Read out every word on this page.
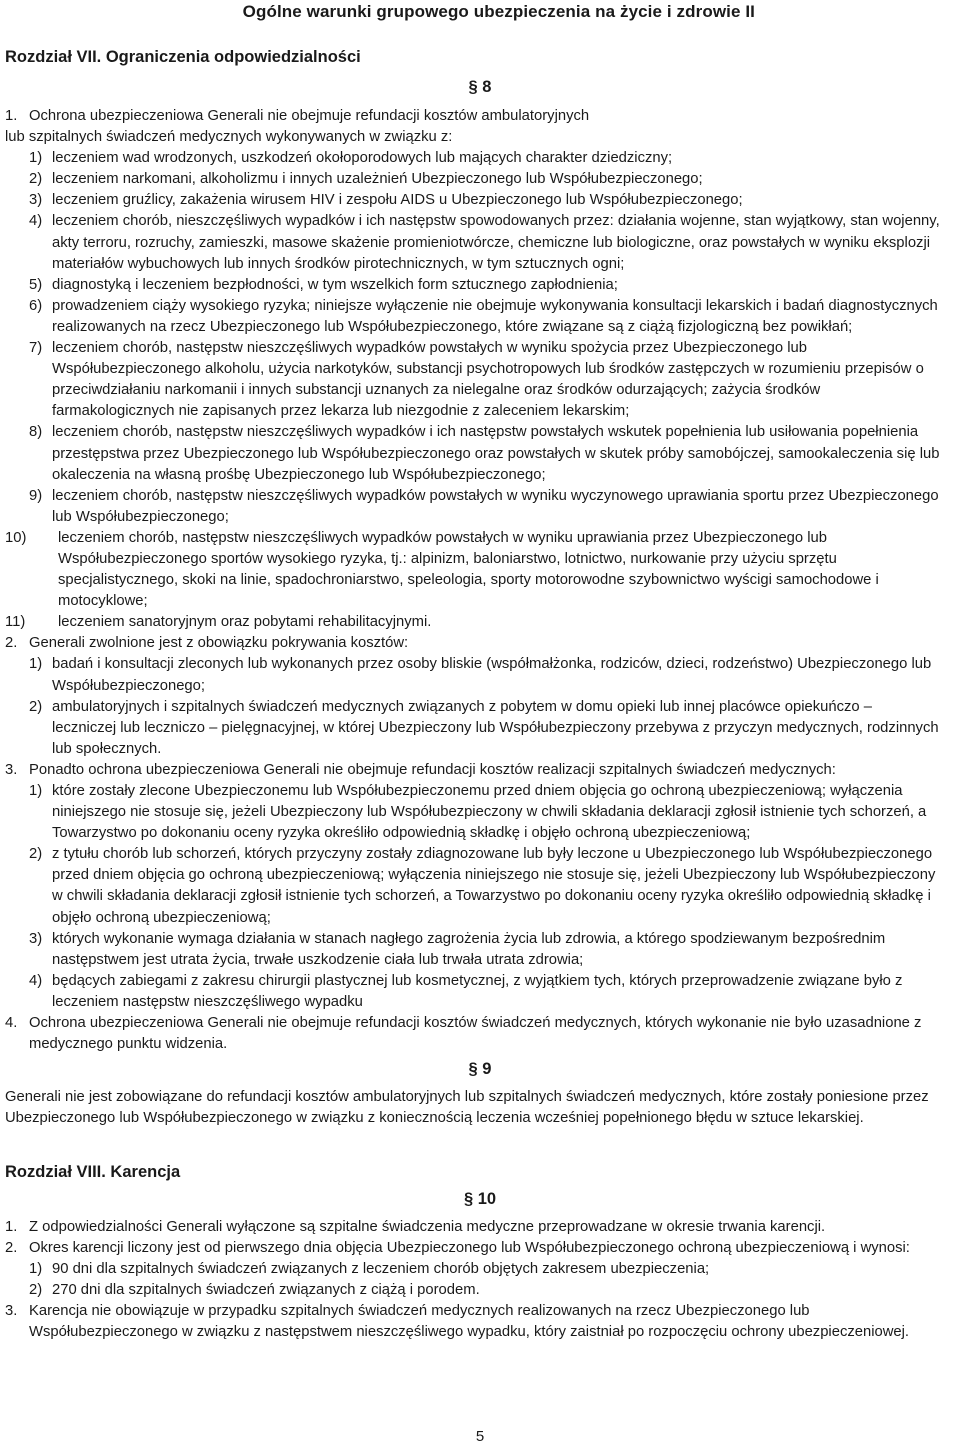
Ogólne warunki grupowego ubezpieczenia na życie i zdrowie II
Rozdział VII. Ograniczenia odpowiedzialności
§ 8
1. Ochrona ubezpieczeniowa Generali nie obejmuje refundacji kosztów ambulatoryjnych
lub szpitalnych świadczeń medycznych wykonywanych w związku z:
1) leczeniem wad wrodzonych, uszkodzeń okołoporodowych lub mających charakter dziedziczny;
2) leczeniem narkomani, alkoholizmu i innych uzależnień Ubezpieczonego lub Współubezpieczonego;
3) leczeniem gruźlicy, zakażenia wirusem HIV i zespołu AIDS u Ubezpieczonego lub Współubezpieczonego;
4) leczeniem chorób, nieszczęśliwych wypadków i ich następstw spowodowanych przez: działania wojenne, stan wyjątkowy, stan wojenny, akty terroru, rozruchy, zamieszki, masowe skażenie promieniotwórcze, chemiczne lub biologiczne, oraz powstałych w wyniku eksplozji materiałów wybuchowych lub innych środków pirotechnicznych, w tym sztucznych ogni;
5) diagnostyką i leczeniem bezpłodności, w tym wszelkich form sztucznego zapłodnienia;
6) prowadzeniem ciąży wysokiego ryzyka; niniejsze wyłączenie nie obejmuje wykonywania konsultacji lekarskich i badań diagnostycznych realizowanych na rzecz Ubezpieczonego lub Współubezpieczonego, które związane są z ciążą fizjologiczną bez powikłań;
7) leczeniem chorób, następstw nieszczęśliwych wypadków powstałych w wyniku spożycia przez Ubezpieczonego lub Współubezpieczonego alkoholu, użycia narkotyków, substancji psychotropowych lub środków zastępczych w rozumieniu przepisów o przeciwdziałaniu narkomanii i innych substancji uznanych za nielegalne oraz środków odurzających; zażycia środków farmakologicznych nie zapisanych przez lekarza lub niezgodnie z zaleceniem lekarskim;
8) leczeniem chorób, następstw nieszczęśliwych wypadków i ich następstw powstałych wskutek popełnienia lub usiłowania popełnienia przestępstwa przez Ubezpieczonego lub Współubezpieczonego oraz powstałych w skutek próby samobójczej, samookaleczenia się lub okaleczenia na własną prośbę Ubezpieczonego lub Współubezpieczonego;
9) leczeniem chorób, następstw nieszczęśliwych wypadków powstałych w wyniku wyczynowego uprawiania sportu przez Ubezpieczonego lub Współubezpieczonego;
10)	leczeniem chorób, następstw nieszczęśliwych wypadków powstałych w wyniku uprawiania przez Ubezpieczonego lub Współubezpieczonego sportów wysokiego ryzyka, tj.: alpinizm, baloniarstwo, lotnictwo, nurkowanie przy użyciu sprzętu specjalistycznego, skoki na linie, spadochroniarstwo, speleologia, sporty motorowodne szybownictwo wyścigi samochodowe i motocyklowe;
11)	leczeniem sanatoryjnym oraz pobytami rehabilitacyjnymi.
2. Generali zwolnione jest z obowiązku pokrywania kosztów:
1) badań i konsultacji zleconych lub wykonanych przez osoby bliskie (współmałżonka, rodziców, dzieci, rodzeństwo) Ubezpieczonego lub Współubezpieczonego;
2) ambulatoryjnych i szpitalnych świadczeń medycznych związanych z pobytem w domu opieki lub innej placówce opiekuńczo – leczniczej lub leczniczo – pielęgnacyjnej, w której Ubezpieczony lub Współubezpieczony przebywa z przyczyn medycznych, rodzinnych lub społecznych.
3. Ponadto ochrona ubezpieczeniowa Generali nie obejmuje refundacji kosztów realizacji szpitalnych świadczeń medycznych:
1) które zostały zlecone Ubezpieczonemu lub Współubezpieczonemu przed dniem objęcia go ochroną ubezpieczeniową; wyłączenia niniejszego nie stosuje się, jeżeli Ubezpieczony lub Współubezpieczony w chwili składania deklaracji zgłosił istnienie tych schorzeń, a Towarzystwo po dokonaniu oceny ryzyka określiło odpowiednią składkę i objęło ochroną ubezpieczeniową;
2) z tytułu chorób lub schorzeń, których przyczyny zostały zdiagnozowane lub były leczone u Ubezpieczonego lub Współubezpieczonego przed dniem objęcia go ochroną ubezpieczeniową; wyłączenia niniejszego nie stosuje się, jeżeli Ubezpieczony lub Współubezpieczony w chwili składania deklaracji zgłosił istnienie tych schorzeń, a Towarzystwo po dokonaniu oceny ryzyka określiło odpowiednią składkę i objęło ochroną ubezpieczeniową;
3) których wykonanie wymaga działania w stanach nagłego zagrożenia życia lub zdrowia, a którego spodziewanym bezpośrednim następstwem jest utrata życia, trwałe uszkodzenie ciała lub trwała utrata zdrowia;
4) będących zabiegami z zakresu chirurgii plastycznej lub kosmetycznej, z wyjątkiem tych, których przeprowadzenie związane było z leczeniem następstw nieszczęśliwego wypadku
4. Ochrona ubezpieczeniowa Generali nie obejmuje refundacji kosztów świadczeń medycznych, których wykonanie nie było uzasadnione z medycznego punktu widzenia.
§ 9

Generali nie jest zobowiązane do refundacji kosztów ambulatoryjnych lub szpitalnych świadczeń medycznych, które zostały poniesione przez Ubezpieczonego lub Współubezpieczonego w związku z koniecznością leczenia wcześniej popełnionego błędu w sztuce lekarskiej.

Rozdział VIII. Karencja
§ 10
1. Z odpowiedzialności Generali wyłączone są szpitalne świadczenia medyczne przeprowadzane w okresie trwania karencji.
2. Okres karencji liczony jest od pierwszego dnia objęcia Ubezpieczonego lub Współubezpieczonego ochroną ubezpieczeniową i wynosi:
1) 90 dni dla szpitalnych świadczeń związanych z leczeniem chorób objętych zakresem ubezpieczenia;
2) 270 dni dla szpitalnych świadczeń związanych z ciążą i porodem.
3. Karencja nie obowiązuje w przypadku szpitalnych świadczeń medycznych realizowanych na rzecz Ubezpieczonego lub Współubezpieczonego w związku z następstwem nieszczęśliwego wypadku, który zaistniał po rozpoczęciu ochrony ubezpieczeniowej.
5
